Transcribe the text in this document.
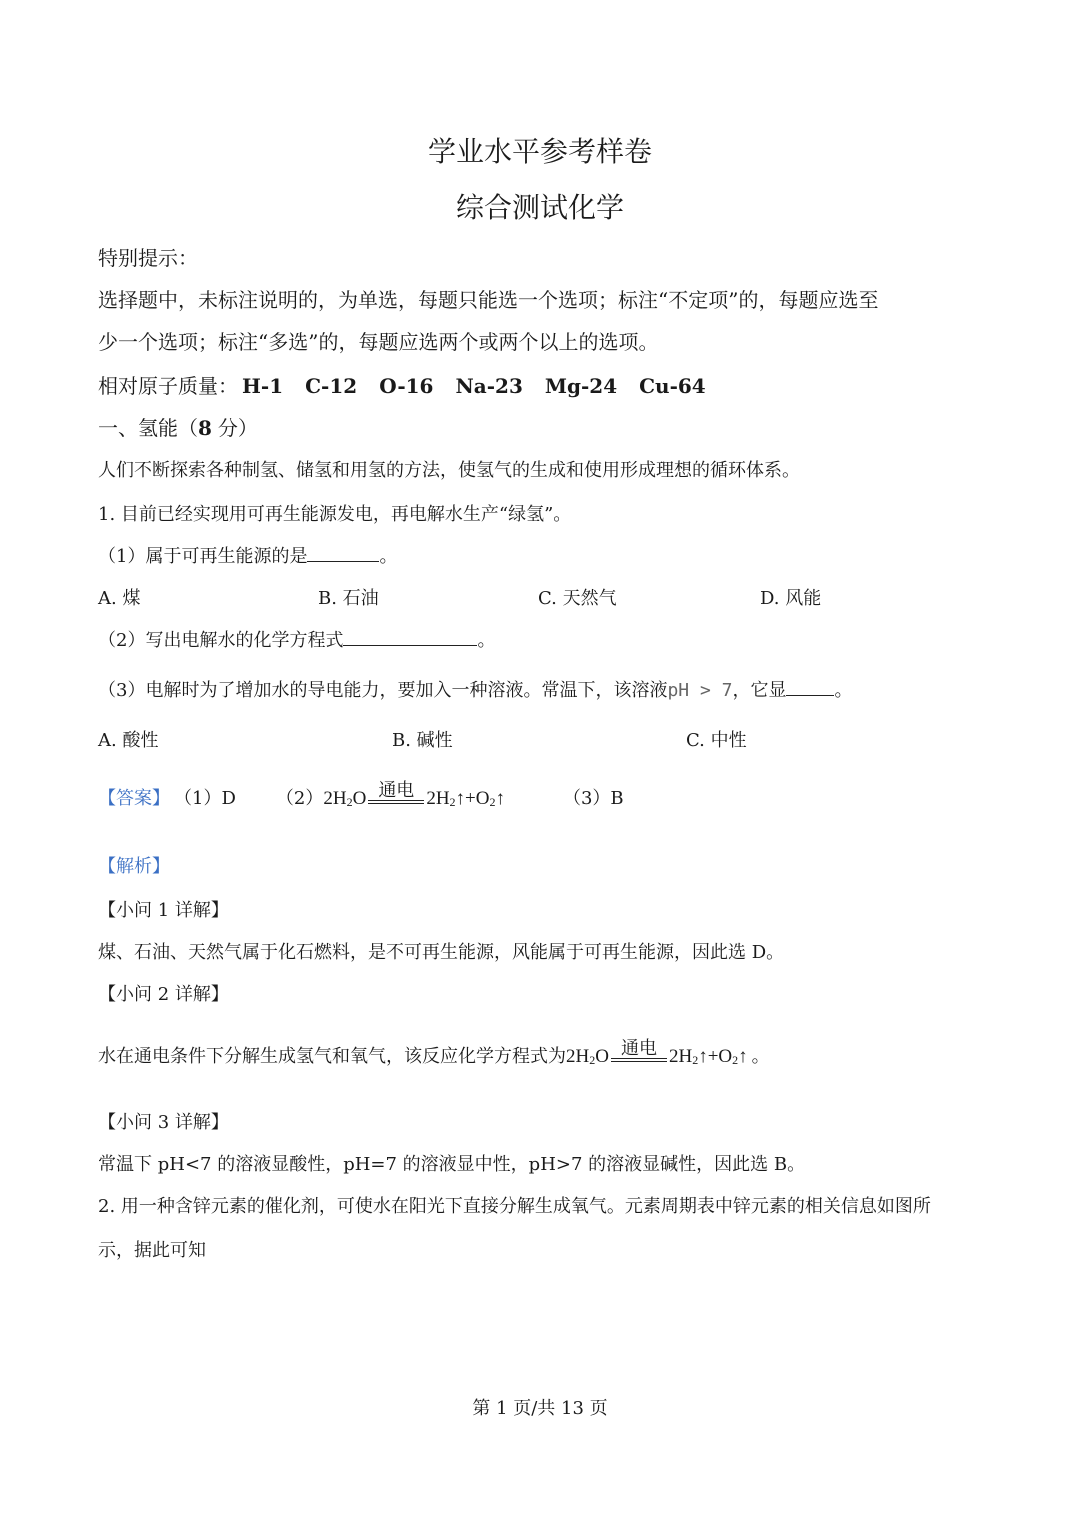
学业水平参考样卷
综合测试化学
特别提示：
选择题中，未标注说明的，为单选，每题只能选一个选项；标注“不定项”的，每题应选至
少一个选项；标注“多选”的，每题应选两个或两个以上的选项。
相对原子质量： H-1 C-12 O-16 Na-23 Mg-24 Cu-64
一、氢能（8 分）
人们不断探索各种制氢、储氢和用氢的方法，使氢气的生成和使用形成理想的循环体系。
1. 目前已经实现用可再生能源发电，再电解水生产“绿氢”。
（1）属于可再生能源的是	。
A. 煤	B. 石油	C. 天然气	D. 风能
（2）写出电解水的化学方程式	。
（3）电解时为了增加水的导电能力，要加入一种溶液。常温下，该溶液pH > 7，它显	。
A. 酸性	B. 碱性	C. 中性
【答案】 （1）D （2） 2H 2 O 通电 2H 2 ↑ +O 2 ↑	（3）B
【解析】
【小问 1 详解】
煤、石油、天然气属于化石燃料，是不可再生能源，风能属于可再生能源，因此选 D。
【小问 2 详解】
水在通电条件下分解生成氢气和氧气，该反应化学方程式为 2H 2 O 通电 2H 2 ↑ +O 2 ↑ 。
【小问 3 详解】
常温下 pH<7 的溶液显酸性，pH=7 的溶液显中性，pH>7 的溶液显碱性，因此选 B。
2. 用一种含锌元素的催化剂，可使水在阳光下直接分解生成氧气。元素周期表中锌元素的相关信息如图所
示，据此可知
第 1 页/共 13 页
